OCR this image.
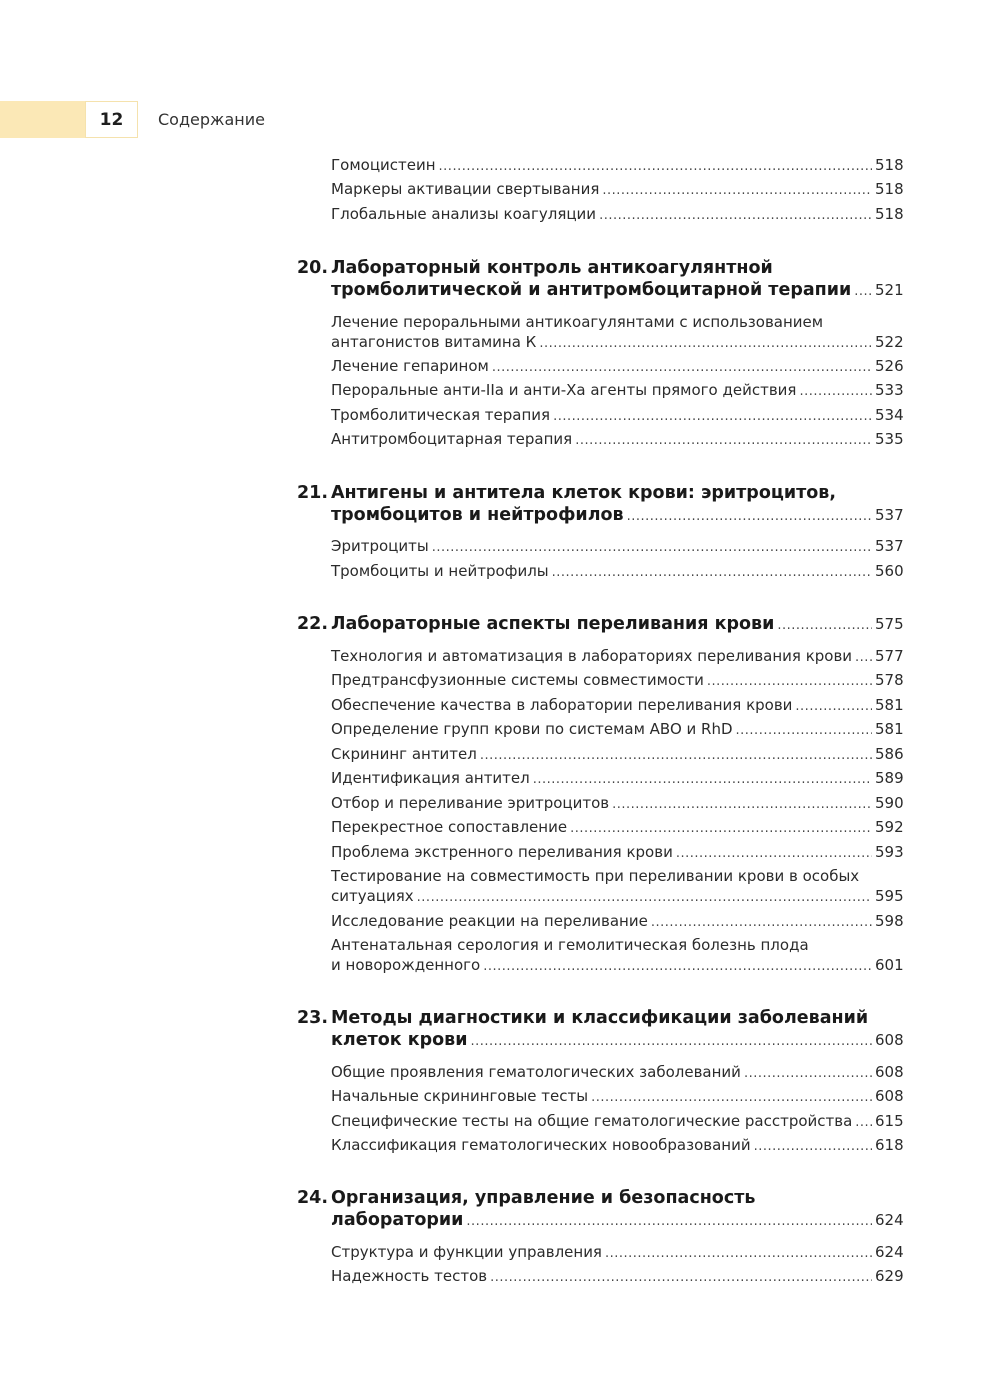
12	Содержание
Гомоцистеин .....	518
Маркеры активации свертывания .....	518
Глобальные анализы коагуляции .....	518
20. Лабораторный контроль антикоагулянтной
тромболитической и антитромбоцитарной терапии ..... 521
Лечение пероральными антикоагулянтами с использованием
антагонистов витамина К .....	522
Лечение гепарином .....	526
Пероральные анти-IIa и анти-Xa агенты прямого действия .....	533
Тромболитическая терапия .....	534
Антитромбоцитарная терапия .....	535
21. Антигены и антитела клеток крови: эритроцитов,
тромбоцитов и нейтрофилов .....	537
Эритроциты .....	537
Тромбоциты и нейтрофилы .....	560
22. Лабораторные аспекты переливания крови .....	575
Технология и автоматизация в лабораториях переливания крови ..... 577
Предтрансфузионные системы совместимости .....	578
Обеспечение качества в лаборатории переливания крови .....	581
Определение групп крови по системам ABO и RhD .....	581
Скрининг антител .....	586
Идентификация антител .....	589
Отбор и переливание эритроцитов .....	590
Перекрестное сопоставление .....	592
Проблема экстренного переливания крови .....	593
Тестирование на совместимость при переливании крови в особых
ситуациях .....	595
Исследование реакции на переливание .....	598
Антенатальная серология и гемолитическая болезнь плода
и новорожденного .....	601
23. Методы диагностики и классификации заболеваний
клеток крови .....	608
Общие проявления гематологических заболеваний .....	608
Начальные скрининговые тесты .....	608
Специфические тесты на общие гематологические расстройства ..... 615
Классификация гематологических новообразований .....	618
24. Организация, управление и безопасность
лаборатории .....	624
Структура и функции управления .....	624
Надежность тестов .....	629
